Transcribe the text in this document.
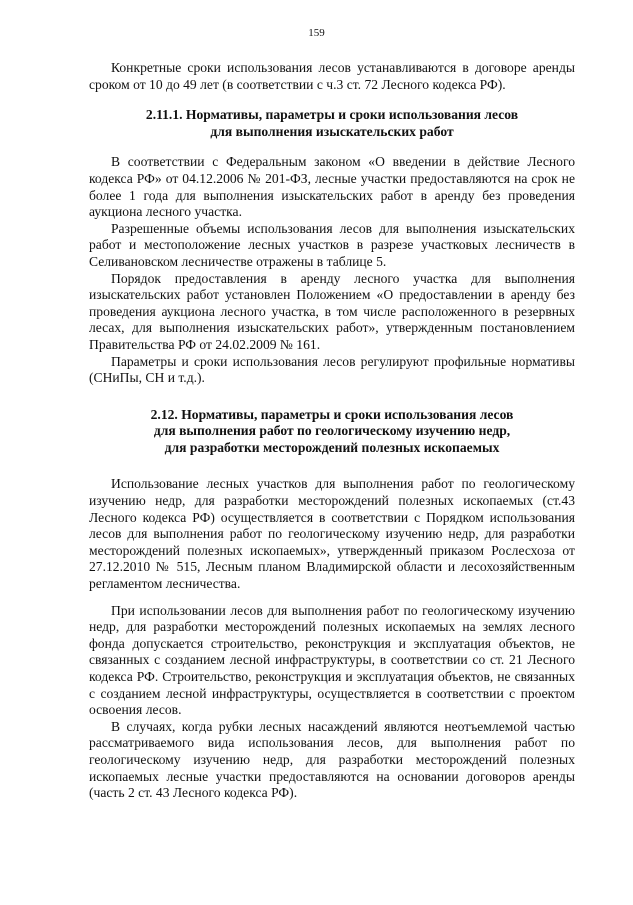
159

Конкретные сроки использования лесов устанавливаются в договоре аренды сроком от 10 до 49 лет (в соответствии с ч.3 ст. 72 Лесного кодекса РФ).

2.11.1. Нормативы, параметры и сроки использования лесов
для выполнения изыскательских работ

В соответствии с Федеральным законом «О введении в действие Лесного кодекса РФ» от 04.12.2006 № 201-ФЗ, лесные участки предоставляются на срок не более 1 года для выполнения изыскательских работ в аренду без проведения аукциона лесного участка.

Разрешенные объемы использования лесов для выполнения изыскательских работ и местоположение лесных участков в разрезе участковых лесничеств в Селивановском лесничестве отражены в таблице 5.

Порядок предоставления в аренду лесного участка для выполнения изыскательских работ установлен Положением «О предоставлении в аренду без проведения аукциона лесного участка, в том числе расположенного в резервных лесах, для выполнения изыскательских работ», утвержденным постановлением Правительства РФ от 24.02.2009 № 161.

Параметры и сроки использования лесов регулируют профильные нормативы (СНиПы, СН и т.д.).

2.12. Нормативы, параметры и сроки использования лесов
для выполнения работ по геологическому изучению недр,
для разработки месторождений полезных ископаемых

Использование лесных участков для выполнения работ по геологическому изучению недр, для разработки месторождений полезных ископаемых (ст.43 Лесного кодекса РФ) осуществляется в соответствии с Порядком использования лесов для выполнения работ по геологическому изучению недр, для разработки месторождений полезных ископаемых», утвержденный приказом Рослесхоза от 27.12.2010 № 515, Лесным планом Владимирской области и лесохозяйственным регламентом лесничества.

При использовании лесов для выполнения работ по геологическому изучению недр, для разработки месторождений полезных ископаемых на землях лесного фонда допускается строительство, реконструкция и эксплуатация объектов, не связанных с созданием лесной инфраструктуры, в соответствии со ст. 21 Лесного кодекса РФ. Строительство, реконструкция и эксплуатация объектов, не связанных с созданием лесной инфраструктуры, осуществляется в соответствии с проектом освоения лесов.

В случаях, когда рубки лесных насаждений являются неотъемлемой частью рассматриваемого вида использования лесов, для выполнения работ по геологическому изучению недр, для разработки месторождений полезных ископаемых лесные участки предоставляются на основании договоров аренды (часть 2 ст. 43 Лесного кодекса РФ).
